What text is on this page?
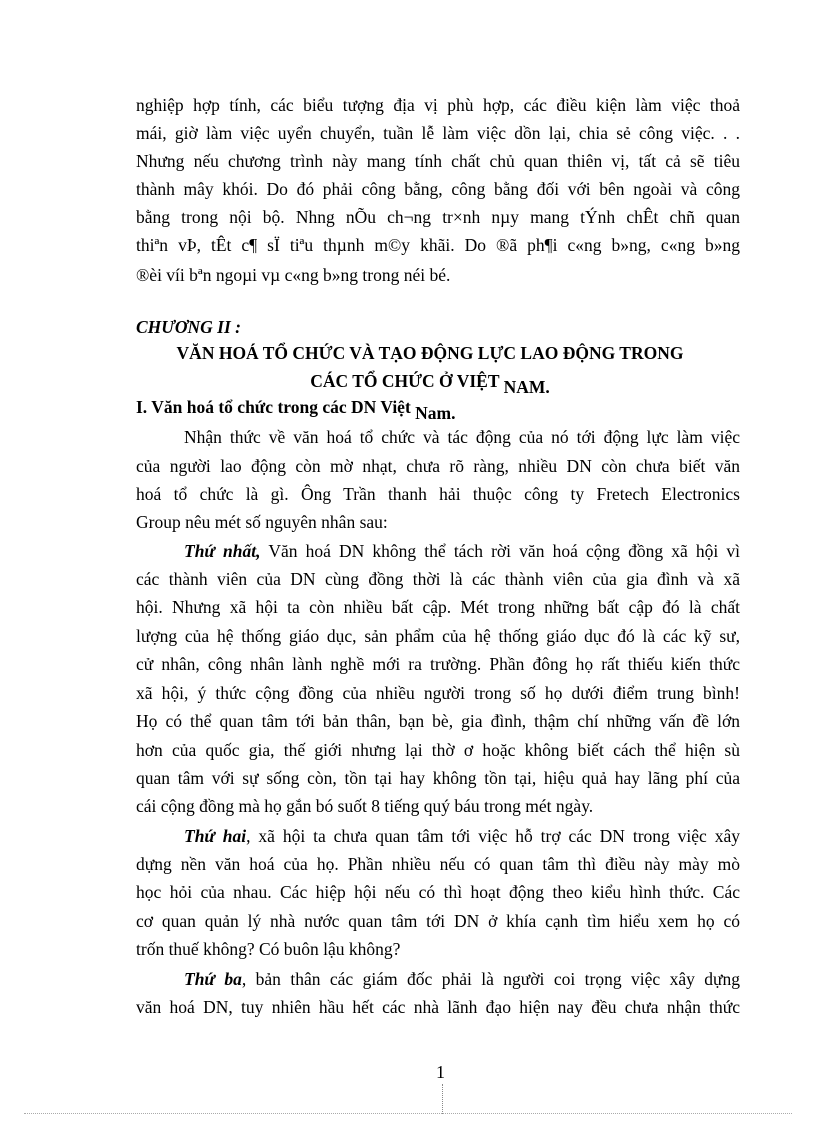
nghiệp hợp tính, các biểu tượng địa vị phù hợp, các điều kiện làm việc thoả
mái, giờ làm việc uyển chuyển, tuần lễ làm việc dồn lại, chia sẻ công việc. . .
Nhưng nếu chương trình này mang tính chất chủ quan thiên vị, tất cả sẽ tiêu
thành mây khói. Do đó phải công bằng, công bằng đối với bên ngoài và công
bằng trong nội bộ. Nhng nÕu ch¬ng tr×nh nµy mang tÝnh chÊt chñ quan
thiªn vÞ, tÊt c¶ sÏ tiªu thµnh m©y khãi. Do ®ã ph¶i c«ng b»ng, c«ng b»ng
®èi víi bªn ngoµi vµ c«ng b»ng trong néi bé.
CHƯƠNG II :
VĂN HOÁ TỔ CHỨC VÀ TẠO ĐỘNG LỰC LAO ĐỘNG TRONG
CÁC TỔ CHỨC Ở VIỆT NAM.
I. Văn hoá tổ chức trong các DN Việt Nam.
Nhận thức về văn hoá tổ chức và tác động của nó tới động lực làm việc
của người lao động còn mờ nhạt, chưa rõ ràng, nhiều DN còn chưa biết văn
hoá tổ chức là gì. Ông Trần thanh hải thuộc công ty Fretech Electronics
Group nêu mét số nguyên nhân sau:
Thứ nhất, Văn hoá DN không thể tách rời văn hoá cộng đồng xã hội vì
các thành viên của DN cùng đồng thời là các thành viên của gia đình và xã
hội. Nhưng xã hội ta còn nhiều bất cập. Mét trong những bất cập đó là chất
lượng của hệ thống giáo dục, sản phẩm của hệ thống giáo dục đó là các kỹ sư,
cử nhân, công nhân lành nghề mới ra trường. Phần đông họ rất thiếu kiến thức
xã hội, ý thức cộng đồng của nhiều người trong số họ dưới điểm trung bình!
Họ có thể quan tâm tới bản thân, bạn bè, gia đình, thậm chí những vấn đề lớn
hơn của quốc gia, thế giới nhưng lại thờ ơ hoặc không biết cách thể hiện sù
quan tâm với sự sống còn, tồn tại hay không tồn tại, hiệu quả hay lãng phí của
cái cộng đồng mà họ gắn bó suốt 8 tiếng quý báu trong mét ngày.
Thứ hai, xã hội ta chưa quan tâm tới việc hỗ trợ các DN trong việc xây
dựng nền văn hoá của họ. Phần nhiều nếu có quan tâm thì điều này mày mò
học hỏi của nhau. Các hiệp hội nếu có thì hoạt động theo kiểu hình thức. Các
cơ quan quản lý nhà nước quan tâm tới DN ở khía cạnh tìm hiểu xem họ có
trốn thuế không? Có buôn lậu không?
Thứ ba, bản thân các giám đốc phải là người coi trọng việc xây dựng
văn hoá DN, tuy nhiên hầu hết các nhà lãnh đạo hiện nay đều chưa nhận thức
1
